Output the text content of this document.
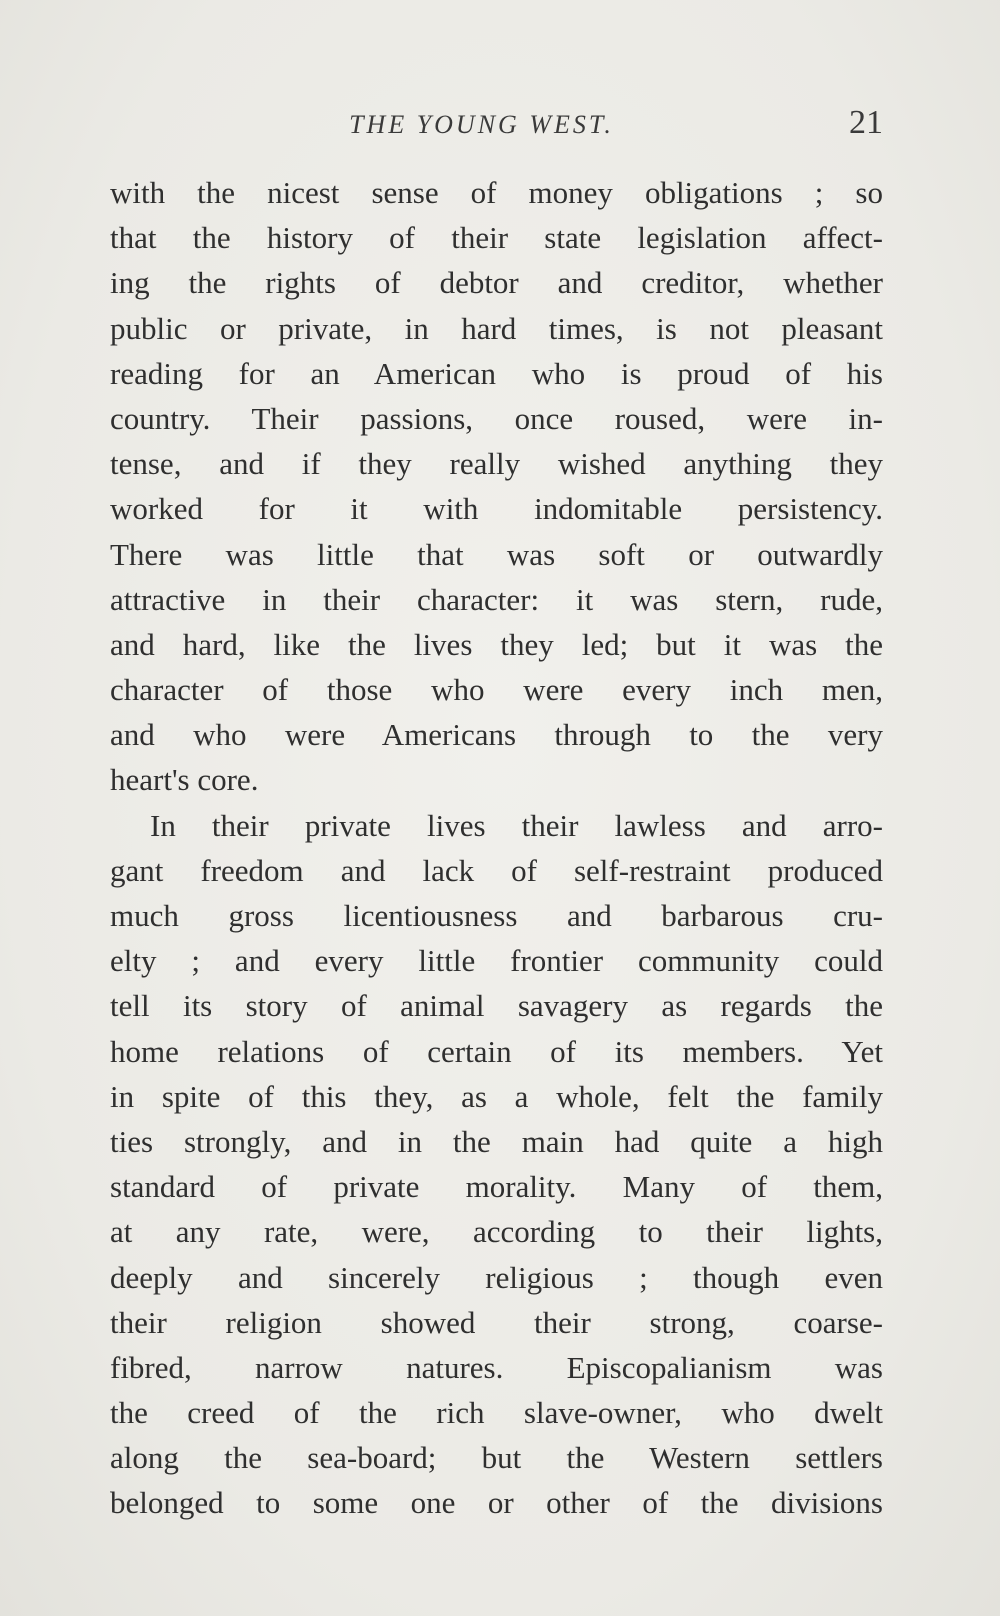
THE YOUNG WEST.	21
with the nicest sense of money obligations ; so
that the history of their state legislation affect-
ing the rights of debtor and creditor, whether
public or private, in hard times, is not pleasant
reading for an American who is proud of his
country. Their passions, once roused, were in-
tense, and if they really wished anything they
worked for it with indomitable persistency.
There was little that was soft or outwardly
attractive in their character: it was stern, rude,
and hard, like the lives they led; but it was the
character of those who were every inch men,
and who were Americans through to the very
heart's core.
In their private lives their lawless and arro-
gant freedom and lack of self-restraint produced
much gross licentiousness and barbarous cru-
elty ; and every little frontier community could
tell its story of animal savagery as regards the
home relations of certain of its members. Yet
in spite of this they, as a whole, felt the family
ties strongly, and in the main had quite a high
standard of private morality. Many of them,
at any rate, were, according to their lights,
deeply and sincerely religious ; though even
their religion showed their strong, coarse-
fibred, narrow natures. Episcopalianism was
the creed of the rich slave-owner, who dwelt
along the sea-board; but the Western settlers
belonged to some one or other of the divisions
